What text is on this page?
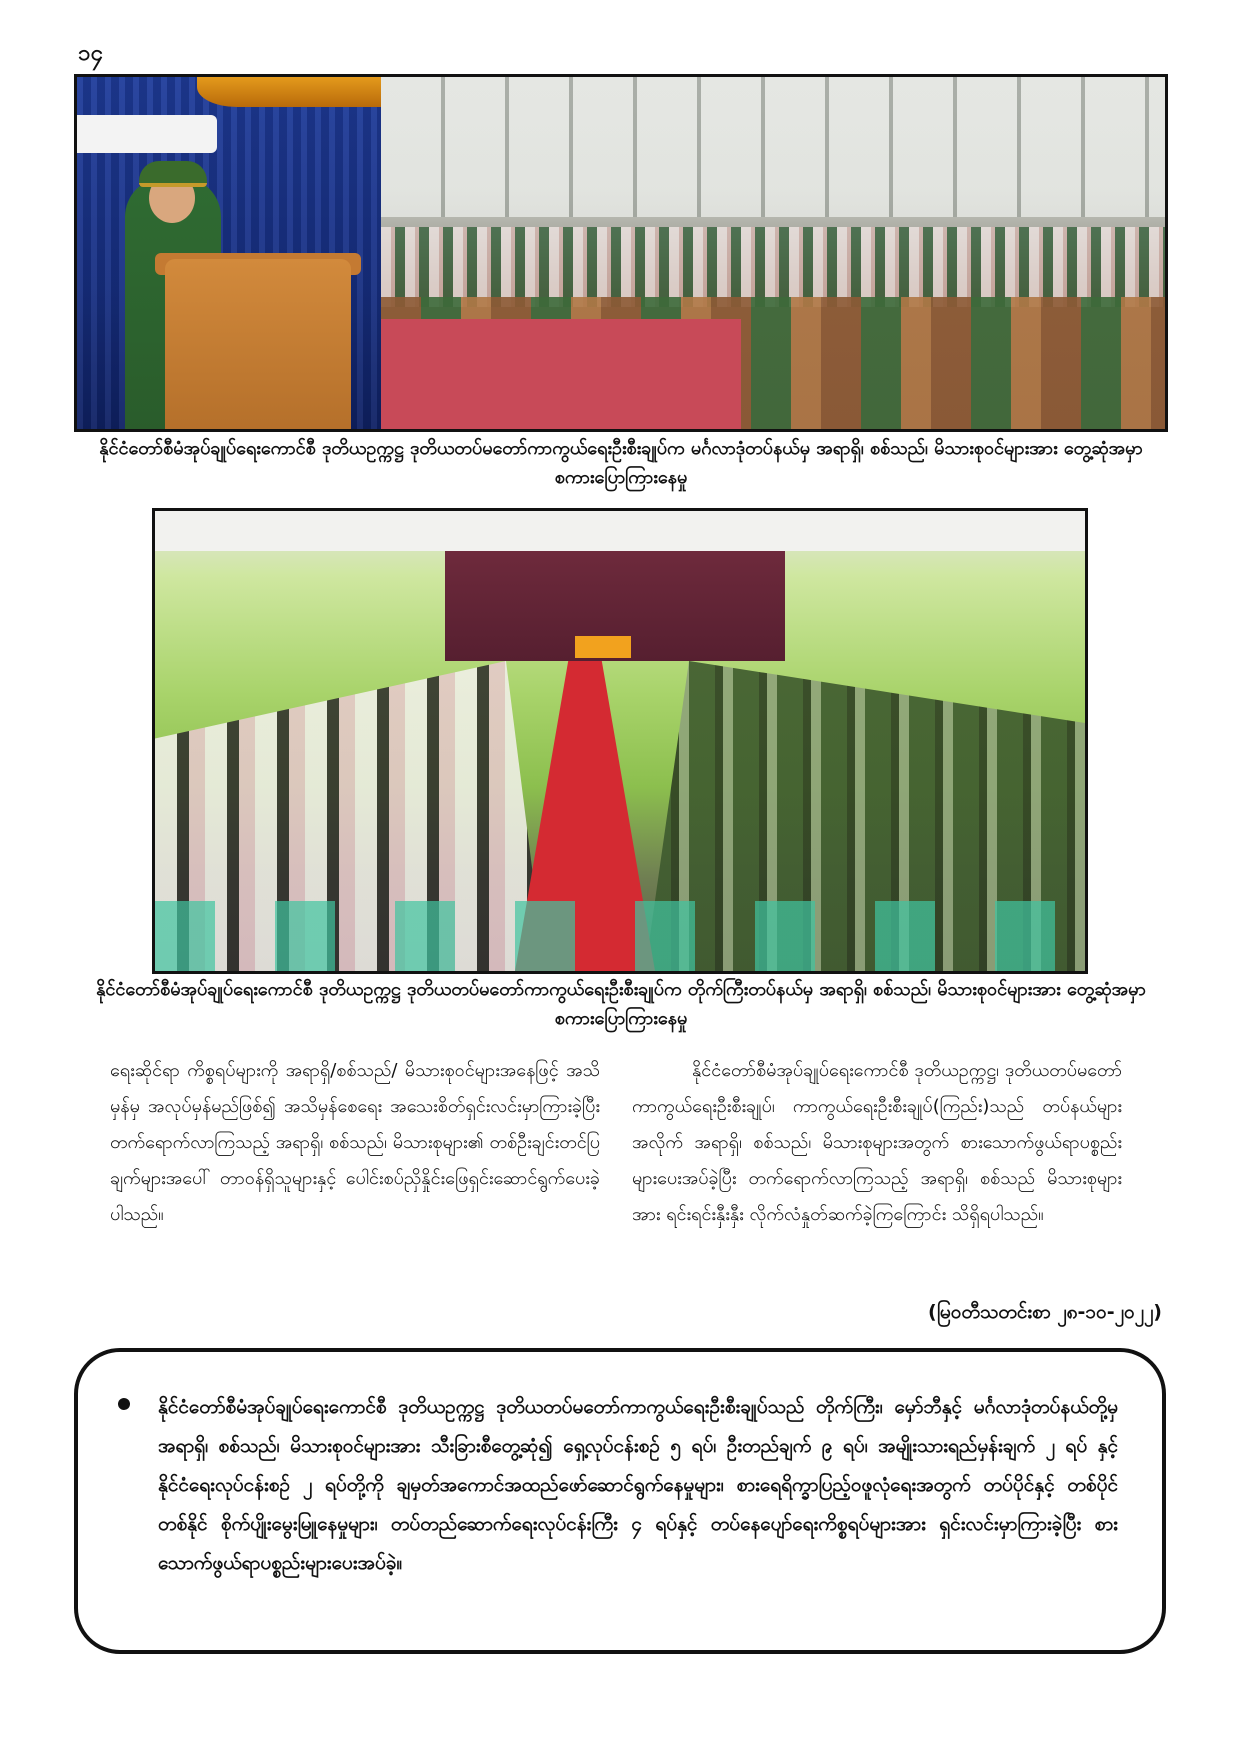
၁၄
နိုင်ငံတော်စီမံအုပ်ချုပ်ရေးကောင်စီ ဒုတိယဥက္ကဋ္ဌ ဒုတိယတပ်မတော်ကာကွယ်ရေးဦးစီးချုပ်က မင်္ဂလာဒုံတပ်နယ်မှ အရာရှိ၊ စစ်သည်၊ မိသားစုဝင်များအား တွေ့ဆုံအမှာစကားပြောကြားနေမှု
နိုင်ငံတော်စီမံအုပ်ချုပ်ရေးကောင်စီ ဒုတိယဥက္ကဋ္ဌ ဒုတိယတပ်မတော်ကာကွယ်ရေးဦးစီးချုပ်က တိုက်ကြီးတပ်နယ်မှ အရာရှိ၊ စစ်သည်၊ မိသားစုဝင်များအား တွေ့ဆုံအမှာစကားပြောကြားနေမှု

ရေးဆိုင်ရာ ကိစ္စရပ်များကို အရာရှိ/စစ်သည်/ မိသားစုဝင်များအနေဖြင့် အသိမှန်မှ အလုပ်မှန်မည်ဖြစ်၍ အသိမှန်စေရေး အသေးစိတ်ရှင်းလင်းမှာကြားခဲ့ပြီး တက်ရောက်လာကြသည့် အရာရှိ၊ စစ်သည်၊ မိသားစုများ၏ တစ်ဦးချင်းတင်ပြချက်များအပေါ် တာဝန်ရှိသူများနှင့် ပေါင်းစပ်ညှိနှိုင်းဖြေရှင်းဆောင်ရွက်ပေးခဲ့ပါသည်။

နိုင်ငံတော်စီမံအုပ်ချုပ်ရေးကောင်စီ ဒုတိယဥက္ကဋ္ဌ၊ ဒုတိယတပ်မတော်ကာကွယ်ရေးဦးစီးချုပ်၊ ကာကွယ်ရေးဦးစီးချုပ်(ကြည်း)သည် တပ်နယ်များအလိုက် အရာရှိ၊ စစ်သည်၊ မိသားစုများအတွက် စားသောက်ဖွယ်ရာပစ္စည်းများပေးအပ်ခဲ့ပြီး တက်ရောက်လာကြသည့် အရာရှိ၊ စစ်သည် မိသားစုများအား ရင်းရင်းနှီးနှီး လိုက်လံနှုတ်ဆက်ခဲ့ကြကြောင်း သိရှိရပါသည်။

(မြဝတီသတင်းစာ ၂၈-၁၀-၂၀၂၂)
နိုင်ငံတော်စီမံအုပ်ချုပ်ရေးကောင်စီ ဒုတိယဥက္ကဋ္ဌ ဒုတိယတပ်မတော်ကာကွယ်ရေးဦးစီးချုပ်သည် တိုက်ကြီး၊ မှော်ဘီနှင့် မင်္ဂလာဒုံတပ်နယ်တို့မှ အရာရှိ၊ စစ်သည်၊ မိသားစုဝင်များအား သီးခြားစီတွေ့ဆုံ၍ ရှေ့လုပ်ငန်းစဉ် ၅ ရပ်၊ ဦးတည်ချက် ၉ ရပ်၊ အမျိုးသားရည်မှန်းချက် ၂ ရပ် နှင့် နိုင်ငံရေးလုပ်ငန်းစဉ် ၂ ရပ်တို့ကို ချမှတ်အကောင်အထည်ဖော်ဆောင်ရွက်နေမှုများ၊ စားရေရိက္ခာပြည့်ဝဖူလုံရေးအတွက် တပ်ပိုင်နှင့် တစ်ပိုင်တစ်နိုင် စိုက်ပျိုးမွေးမြူနေမှုများ၊ တပ်တည်ဆောက်ရေးလုပ်ငန်းကြီး ၄ ရပ်နှင့် တပ်နေပျော်ရေးကိစ္စရပ်များအား ရှင်းလင်းမှာကြားခဲ့ပြီး စားသောက်ဖွယ်ရာပစ္စည်းများပေးအပ်ခဲ့။
